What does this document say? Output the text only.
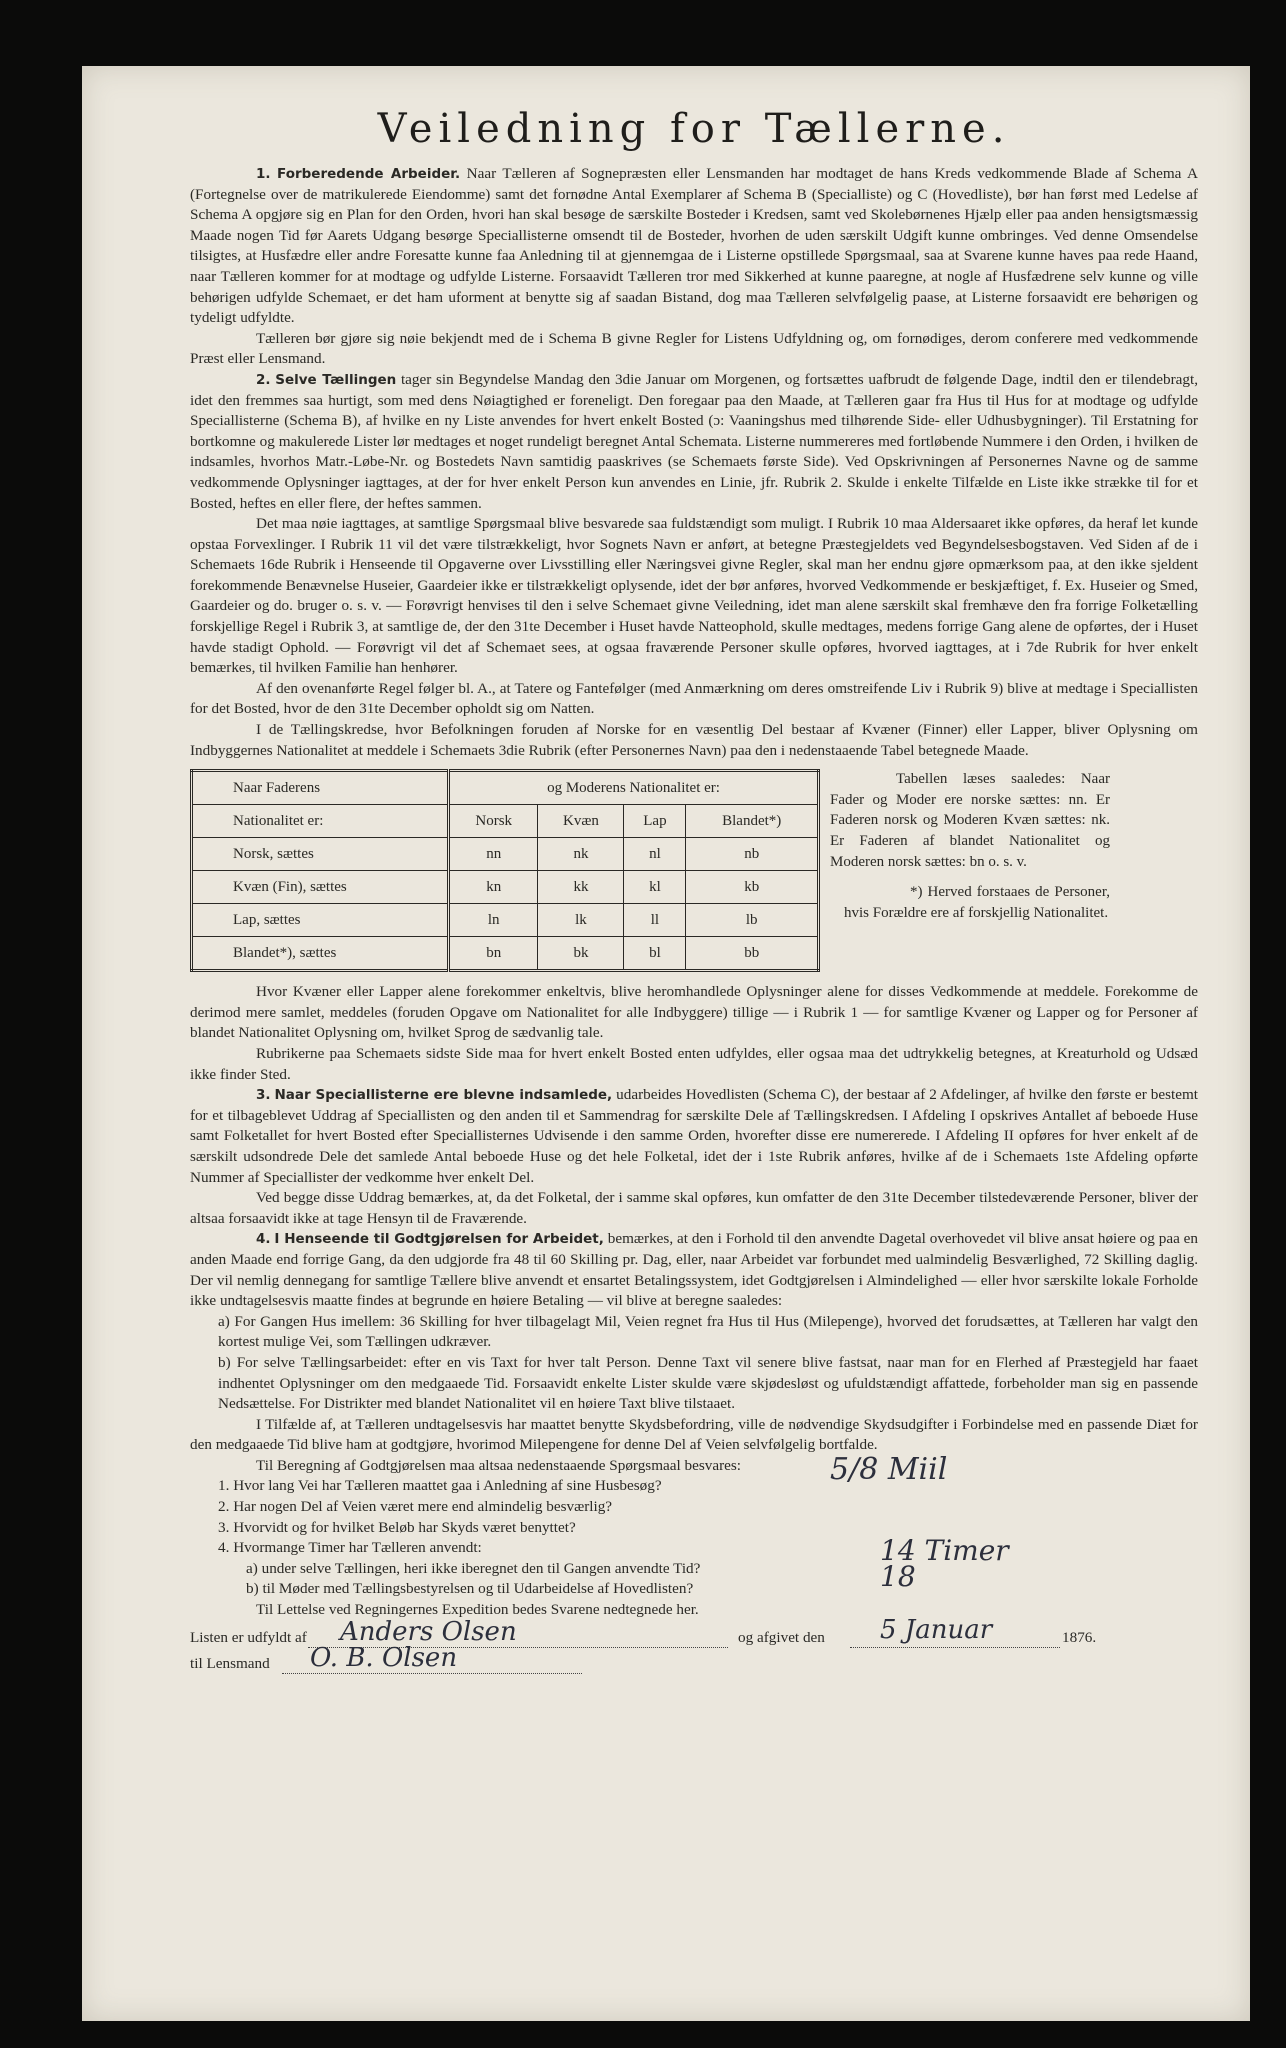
Veiledning for Tællerne.

1. Forberedende Arbeider. Naar Tælleren af Sognepræsten eller Lensmanden har modtaget de hans Kreds vedkommende Blade af Schema A (Fortegnelse over de matrikulerede Eiendomme) samt det fornødne Antal Exemplarer af Schema B (Specialliste) og C (Hovedliste), bør han først med Ledelse af Schema A opgjøre sig en Plan for den Orden, hvori han skal besøge de særskilte Bosteder i Kredsen, samt ved Skolebørnenes Hjælp eller paa anden hensigtsmæssig Maade nogen Tid før Aarets Udgang besørge Speciallisterne omsendt til de Bosteder, hvorhen de uden særskilt Udgift kunne ombringes. Ved denne Omsendelse tilsigtes, at Husfædre eller andre Foresatte kunne faa Anledning til at gjennemgaa de i Listerne opstillede Spørgsmaal, saa at Svarene kunne haves paa rede Haand, naar Tælleren kommer for at modtage og udfylde Listerne. Forsaavidt Tælleren tror med Sikkerhed at kunne paaregne, at nogle af Husfædrene selv kunne og ville behørigen udfylde Schemaet, er det ham uforment at benytte sig af saadan Bistand, dog maa Tælleren selvfølgelig paase, at Listerne forsaavidt ere behørigen og tydeligt udfyldte.

Tælleren bør gjøre sig nøie bekjendt med de i Schema B givne Regler for Listens Udfyldning og, om fornødiges, derom conferere med vedkommende Præst eller Lensmand.

2. Selve Tællingen tager sin Begyndelse Mandag den 3die Januar om Morgenen, og fortsættes uafbrudt de følgende Dage, indtil den er tilendebragt, idet den fremmes saa hurtigt, som med dens Nøiagtighed er foreneligt. Den foregaar paa den Maade, at Tælleren gaar fra Hus til Hus for at modtage og udfylde Speciallisterne (Schema B), af hvilke en ny Liste anvendes for hvert enkelt Bosted (ɔ: Vaaningshus med tilhørende Side- eller Udhusbygninger). Til Erstatning for bortkomne og makulerede Lister lør medtages et noget rundeligt beregnet Antal Schemata. Listerne nummereres med fortløbende Nummere i den Orden, i hvilken de indsamles, hvorhos Matr.-Løbe-Nr. og Bostedets Navn samtidig paaskrives (se Schemaets første Side). Ved Opskrivningen af Personernes Navne og de samme vedkommende Oplysninger iagttages, at der for hver enkelt Person kun anvendes en Linie, jfr. Rubrik 2. Skulde i enkelte Tilfælde en Liste ikke strække til for et Bosted, heftes en eller flere, der heftes sammen.

Det maa nøie iagttages, at samtlige Spørgsmaal blive besvarede saa fuldstændigt som muligt. I Rubrik 10 maa Aldersaaret ikke opføres, da heraf let kunde opstaa Forvexlinger. I Rubrik 11 vil det være tilstrækkeligt, hvor Sognets Navn er anført, at betegne Præstegjeldets ved Begyndelsesbogstaven. Ved Siden af de i Schemaets 16de Rubrik i Henseende til Opgaverne over Livsstilling eller Næringsvei givne Regler, skal man her endnu gjøre opmærksom paa, at den ikke sjeldent forekommende Benævnelse Huseier, Gaardeier ikke er tilstrækkeligt oplysende, idet der bør anføres, hvorved Vedkommende er beskjæftiget, f. Ex. Huseier og Smed, Gaardeier og do. bruger o. s. v. — Forøvrigt henvises til den i selve Schemaet givne Veiledning, idet man alene særskilt skal fremhæve den fra forrige Folketælling forskjellige Regel i Rubrik 3, at samtlige de, der den 31te December i Huset havde Natteophold, skulle medtages, medens forrige Gang alene de opførtes, der i Huset havde stadigt Ophold. — Forøvrigt vil det af Schemaet sees, at ogsaa fraværende Personer skulle opføres, hvorved iagttages, at i 7de Rubrik for hver enkelt bemærkes, til hvilken Familie han henhører.

Af den ovenanførte Regel følger bl. A., at Tatere og Fantefølger (med Anmærkning om deres omstreifende Liv i Rubrik 9) blive at medtage i Speciallisten for det Bosted, hvor de den 31te December opholdt sig om Natten.

I de Tællingskredse, hvor Befolkningen foruden af Norske for en væsentlig Del bestaar af Kvæner (Finner) eller Lapper, bliver Oplysning om Indbyggernes Nationalitet at meddele i Schemaets 3die Rubrik (efter Personernes Navn) paa den i nedenstaaende Tabel betegnede Maade.

Naar Faderens	og Moderens Nationalitet er:			
Nationalitet er:	Norsk	Kvæn	Lap	Blandet*)
Norsk, sættes	nn	nk	nl	nb
Kvæn (Fin), sættes	kn	kk	kl	kb
Lap, sættes	ln	lk	ll	lb
Blandet*), sættes	bn	bk	bl	bb

Tabellen læses saaledes: Naar Fader og Moder ere norske sættes: nn. Er Faderen norsk og Moderen Kvæn sættes: nk. Er Faderen af blandet Nationalitet og Moderen norsk sættes: bn o. s. v.

*) Herved forstaaes de Personer, hvis Forældre ere af forskjellig Nationalitet.

Hvor Kvæner eller Lapper alene forekommer enkeltvis, blive heromhandlede Oplysninger alene for disses Vedkommende at meddele. Forekomme de derimod mere samlet, meddeles (foruden Opgave om Nationalitet for alle Indbyggere) tillige — i Rubrik 1 — for samtlige Kvæner og Lapper og for Personer af blandet Nationalitet Oplysning om, hvilket Sprog de sædvanlig tale.

Rubrikerne paa Schemaets sidste Side maa for hvert enkelt Bosted enten udfyldes, eller ogsaa maa det udtrykkelig betegnes, at Kreaturhold og Udsæd ikke finder Sted.

3. Naar Speciallisterne ere blevne indsamlede, udarbeides Hovedlisten (Schema C), der bestaar af 2 Afdelinger, af hvilke den første er bestemt for et tilbageblevet Uddrag af Speciallisten og den anden til et Sammendrag for særskilte Dele af Tællingskredsen. I Afdeling I opskrives Antallet af beboede Huse samt Folketallet for hvert Bosted efter Speciallisternes Udvisende i den samme Orden, hvorefter disse ere numererede. I Afdeling II opføres for hver enkelt af de særskilt udsondrede Dele det samlede Antal beboede Huse og det hele Folketal, idet der i 1ste Rubrik anføres, hvilke af de i Schemaets 1ste Afdeling opførte Nummer af Speciallister der vedkomme hver enkelt Del.

Ved begge disse Uddrag bemærkes, at, da det Folketal, der i samme skal opføres, kun omfatter de den 31te December tilstedeværende Personer, bliver der altsaa forsaavidt ikke at tage Hensyn til de Fraværende.

4. I Henseende til Godtgjørelsen for Arbeidet, bemærkes, at den i Forhold til den anvendte Dagetal overhovedet vil blive ansat høiere og paa en anden Maade end forrige Gang, da den udgjorde fra 48 til 60 Skilling pr. Dag, eller, naar Arbeidet var forbundet med ualmindelig Besværlighed, 72 Skilling daglig. Der vil nemlig dennegang for samtlige Tællere blive anvendt et ensartet Betalingssystem, idet Godtgjørelsen i Almindelighed — eller hvor særskilte lokale Forholde ikke undtagelsesvis maatte findes at begrunde en høiere Betaling — vil blive at beregne saaledes:

a) For Gangen Hus imellem: 36 Skilling for hver tilbagelagt Mil, Veien regnet fra Hus til Hus (Milepenge), hvorved det forudsættes, at Tælleren har valgt den kortest mulige Vei, som Tællingen udkræver.

b) For selve Tællingsarbeidet: efter en vis Taxt for hver talt Person. Denne Taxt vil senere blive fastsat, naar man for en Flerhed af Præstegjeld har faaet indhentet Oplysninger om den medgaaede Tid. Forsaavidt enkelte Lister skulde være skjødesløst og ufuldstændigt affattede, forbeholder man sig en passende Nedsættelse. For Distrikter med blandet Nationalitet vil en høiere Taxt blive tilstaaet.

I Tilfælde af, at Tælleren undtagelsesvis har maattet benytte Skydsbefordring, ville de nødvendige Skydsudgifter i Forbindelse med en passende Diæt for den medgaaede Tid blive ham at godtgjøre, hvorimod Milepengene for denne Del af Veien selvfølgelig bortfalde.

Til Beregning af Godtgjørelsen maa altsaa nedenstaaende Spørgsmaal besvares:

1. Hvor lang Vei har Tælleren maattet gaa i Anledning af sine Husbesøg?	5/8 Miil
2. Har nogen Del af Veien været mere end almindelig besværlig?
3. Hvorvidt og for hvilket Beløb har Skyds været benyttet?
4. Hvormange Timer har Tælleren anvendt:
a) under selve Tællingen, heri ikke iberegnet den til Gangen anvendte Tid?
14 Timer
b) til Møder med Tællingsbestyrelsen og til Udarbeidelse af Hovedlisten?	18

Til Lettelse ved Regningernes Expedition bedes Svarene nedtegnede her.

Listen er udfyldt af Anders Olsen	og afgivet den 5 Januar	1876.
til Lensmand O. B. Olsen
